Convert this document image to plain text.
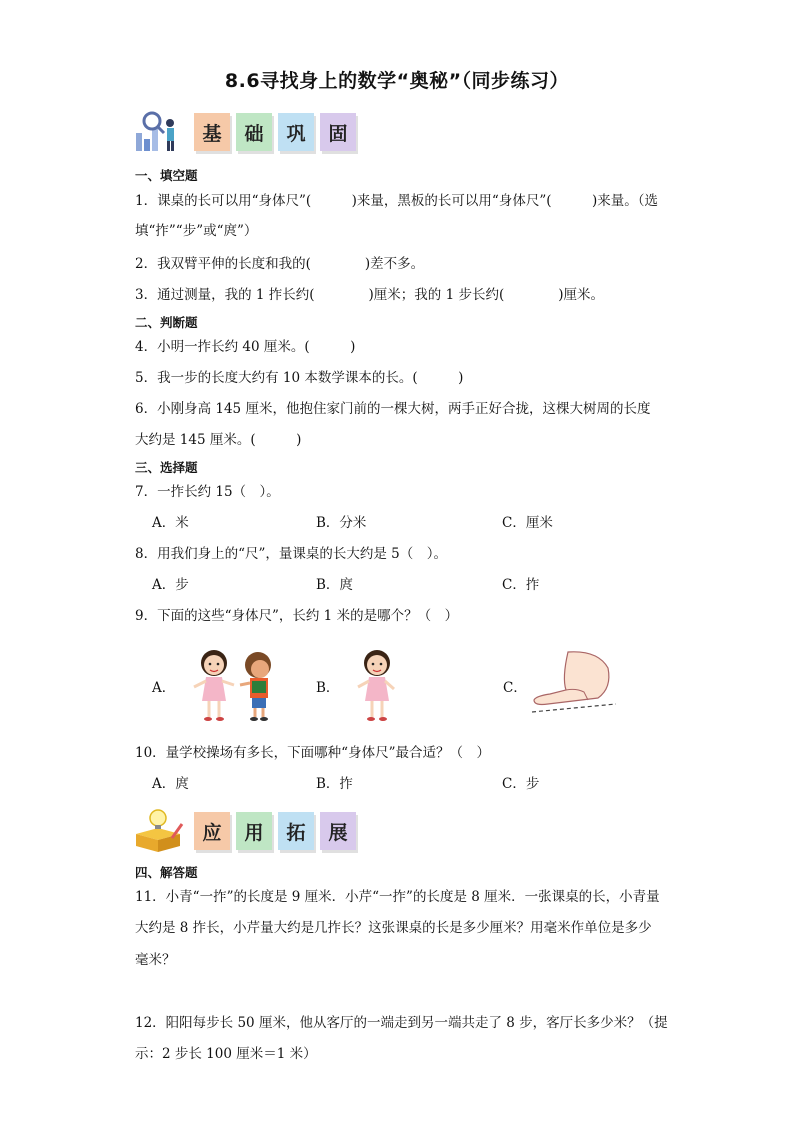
8.6寻找身上的数学“奥秘”（同步练习）
基	础	巩	固
一、填空题
1．课桌的长可以用“身体尺”(　　　)来量，黑板的长可以用“身体尺”(　　　)来量。（选
填“拃”“步”或“庹”）
2．我双臂平伸的长度和我的(　　　　)差不多。
3．通过测量，我的 1 拃长约(　　　　)厘米；我的 1 步长约(　　　　)厘米。
二、判断题
4．小明一拃长约 40 厘米。(　　　)
5．我一步的长度大约有 10 本数学课本的长。(　　　)
6．小刚身高 145 厘米，他抱住家门前的一棵大树，两手正好合拢，这棵大树周的长度
大约是 145 厘米。(　　　)
三、选择题
7．一拃长约 15（　）。
A．米	B．分米	C．厘米
8．用我们身上的“尺”，量课桌的长大约是 5（　）。
A．步	B．庹	C．拃
9．下面的这些“身体尺”，长约 1 米的是哪个？（　）
A．	B．	C．
10．量学校操场有多长，下面哪种“身体尺”最合适？（　）
A．庹	B．拃	C．步
应	用	拓	展
四、解答题
11．小青“一拃”的长度是 9 厘米．小芹“一拃”的长度是 8 厘米．一张课桌的长，小青量
大约是 8 拃长，小芹量大约是几拃长？这张课桌的长是多少厘米？用毫米作单位是多少
毫米？
12．阳阳每步长 50 厘米，他从客厅的一端走到另一端共走了 8 步，客厅长多少米？（提
示：2 步长 100 厘米＝1 米）
